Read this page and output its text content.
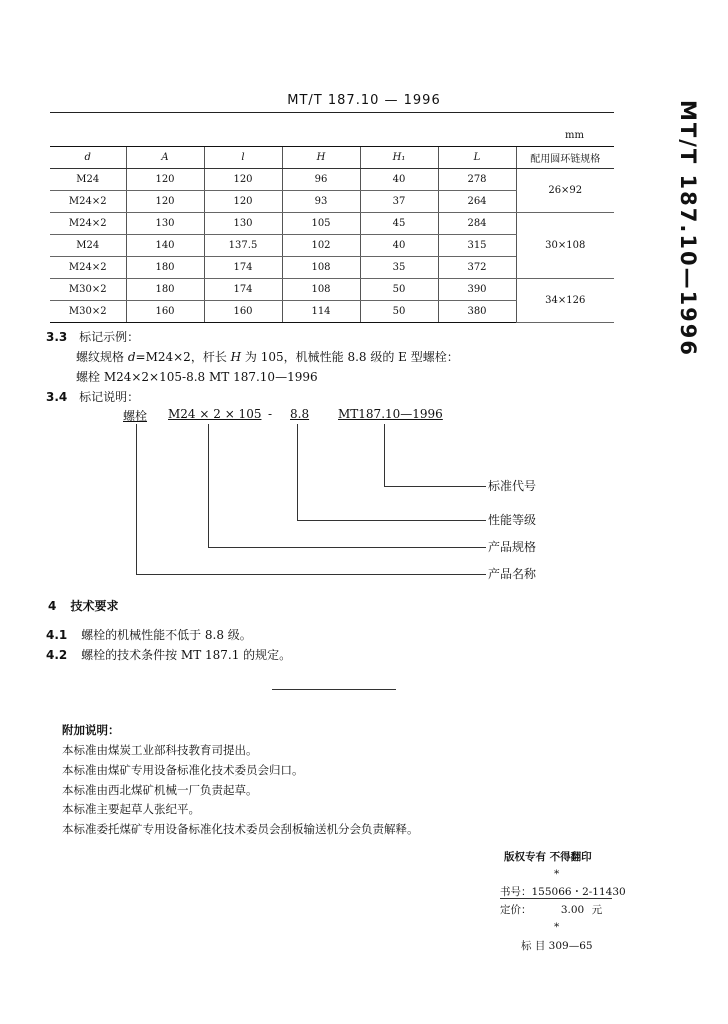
MT/T 187.10 — 1996	MT/T 187.10—1996
mm
d	A	l	H	H₁	L	配用圆环链规格
M24	120	120	96	40	278	26×92
M24×2	120	120	93	37	264	
M24×2	130	130	105	45	284	30×108
M24	140	137.5	102	40	315	
M24×2	180	174	108	35	372	
M30×2	180	174	108	50	390	34×126
M30×2	160	160	114	50	380	
3.3 标记示例：
螺纹规格 d=M24×2，杆长 H 为 105，机械性能 8.8 级的 E 型螺栓：
螺栓 M24×2×105-8.8 MT 187.10—1996
3.4 标记说明：
螺栓 M24 × 2 × 105 - 8.8 MT187.10—1996
标准代号
性能等级
产品规格
产品名称
4 技术要求
4.1 螺栓的机械性能不低于 8.8 级。
4.2 螺栓的技术条件按 MT 187.1 的规定。
附加说明：
本标准由煤炭工业部科技教育司提出。
本标准由煤矿专用设备标准化技术委员会归口。
本标准由西北煤矿机械一厂负责起草。
本标准主要起草人张纪平。
本标准委托煤矿专用设备标准化技术委员会刮板输送机分会负责解释。
版权专有 不得翻印
*
书号：155066・2-11430
定价：	3.00 元
*
标 目 309—65
